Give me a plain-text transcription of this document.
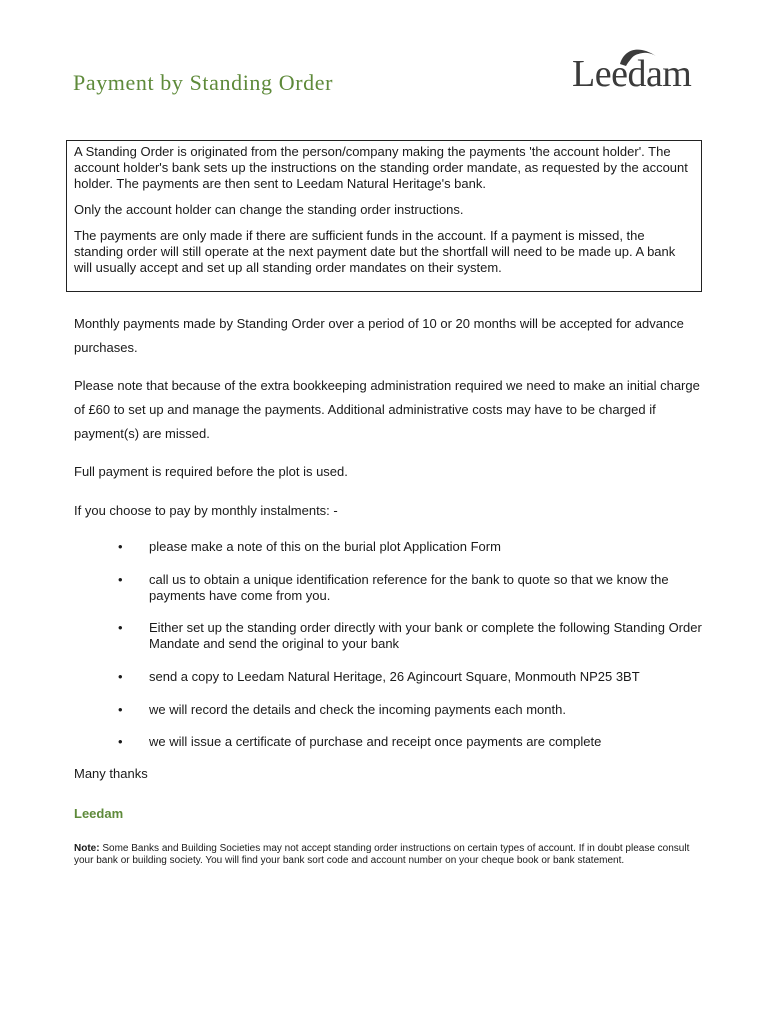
Payment by Standing Order	Leedam

A Standing Order is originated from the person/company making the payments 'the account holder'. The account holder's bank sets up the instructions on the standing order mandate, as requested by the account holder. The payments are then sent to Leedam Natural Heritage's bank.

Only the account holder can change the standing order instructions.

The payments are only made if there are sufficient funds in the account. If a payment is missed, the standing order will still operate at the next payment date but the shortfall will need to be made up. A bank will usually accept and set up all standing order mandates on their system.

Monthly payments made by Standing Order over a period of 10 or 20 months will be accepted for advance purchases.

Please note that because of the extra bookkeeping administration required we need to make an initial charge of £60 to set up and manage the payments. Additional administrative costs may have to be charged if payment(s) are missed.

Full payment is required before the plot is used.

If you choose to pay by monthly instalments: -

• please make a note of this on the burial plot Application Form
• call us to obtain a unique identification reference for the bank to quote so that we know the payments have come from you.
• Either set up the standing order directly with your bank or complete the following Standing Order Mandate and send the original to your bank
• send a copy to Leedam Natural Heritage, 26 Agincourt Square, Monmouth NP25 3BT
• we will record the details and check the incoming payments each month.
• we will issue a certificate of purchase and receipt once payments are complete
Many thanks
Leedam
Note: Some Banks and Building Societies may not accept standing order instructions on certain types of account. If in doubt please consult your bank or building society. You will find your bank sort code and account number on your cheque book or bank statement.
